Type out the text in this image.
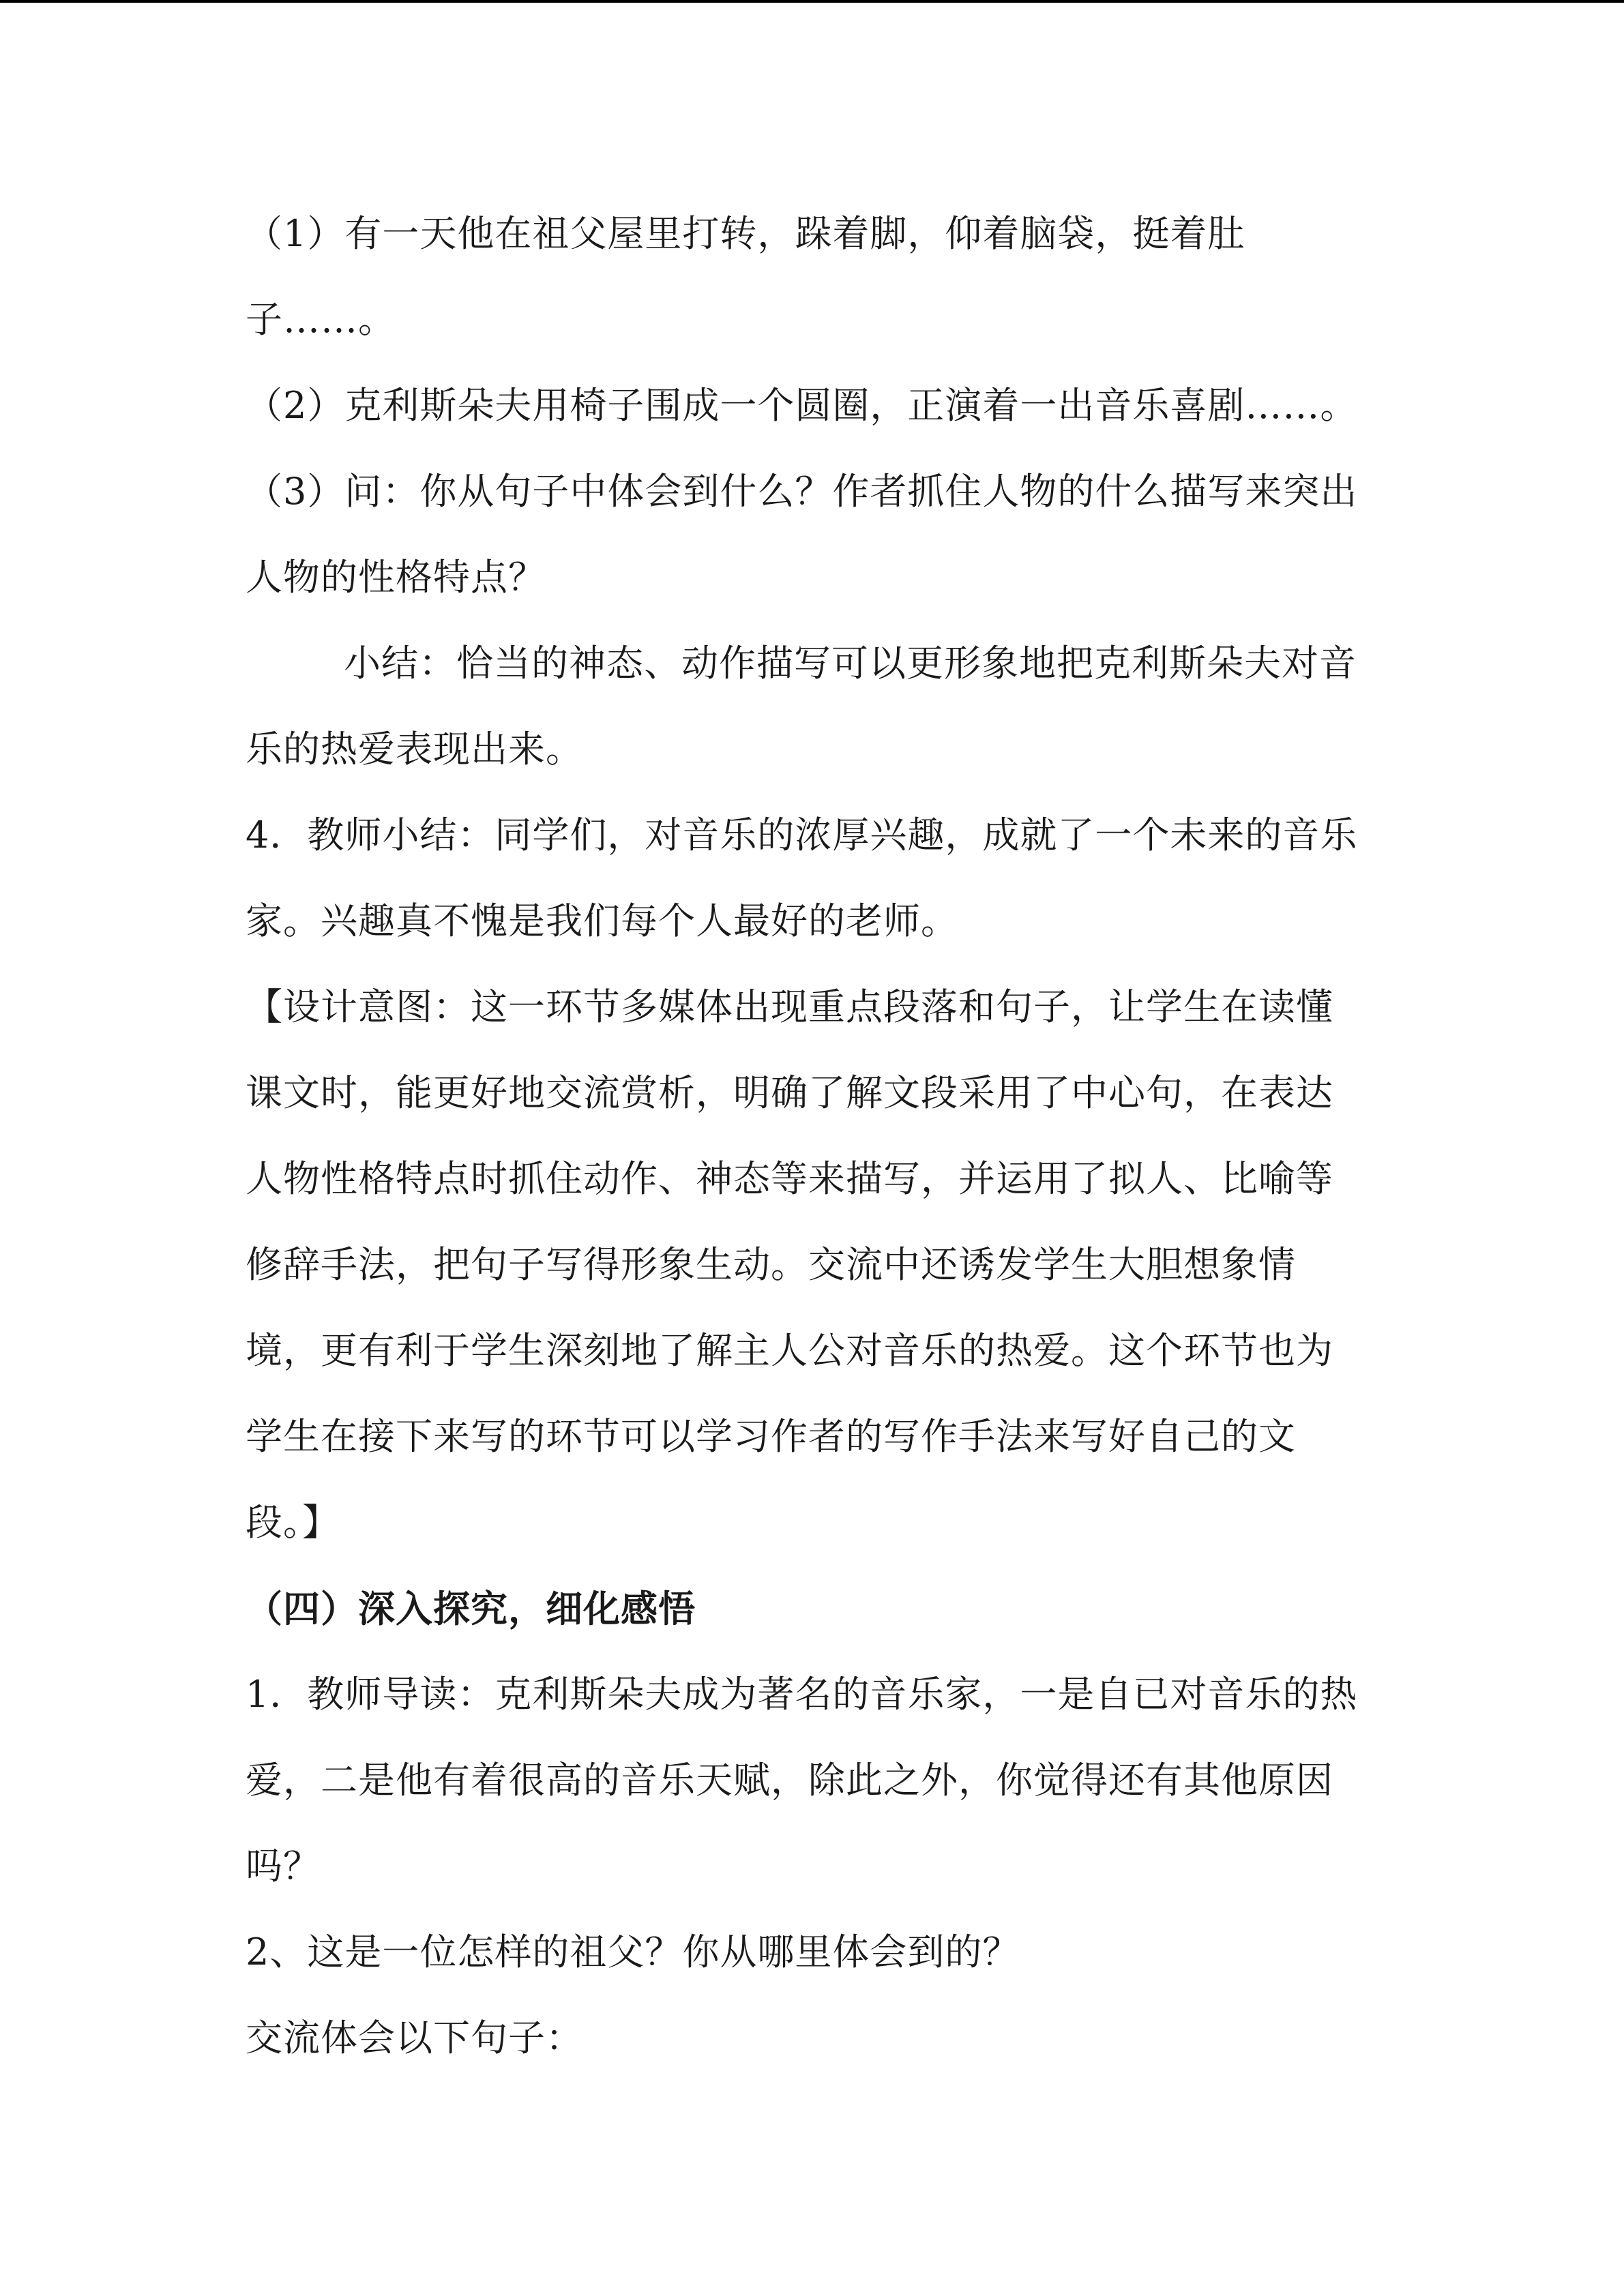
（1）有一天他在祖父屋里打转，跺着脚，仰着脑袋，挺着肚
子……。
（2）克利斯朵夫用椅子围成一个圆圈，正演着一出音乐喜剧……。
（3）问：你从句子中体会到什么？作者抓住人物的什么描写来突出
人物的性格特点？
小结：恰当的神态、动作描写可以更形象地把克利斯朵夫对音
乐的热爱表现出来。
4．教师小结：同学们，对音乐的浓厚兴趣，成就了一个未来的音乐
家。兴趣真不愧是我们每个人最好的老师。
【设计意图：这一环节多媒体出现重点段落和句子，让学生在读懂
课文时，能更好地交流赏析，明确了解文段采用了中心句，在表达
人物性格特点时抓住动作、神态等来描写，并运用了拟人、比喻等
修辞手法，把句子写得形象生动。交流中还诱发学生大胆想象情
境，更有利于学生深刻地了解主人公对音乐的热爱。这个环节也为
学生在接下来写的环节可以学习作者的写作手法来写好自己的文
段。】
（四）深入探究，细化感悟
1．教师导读：克利斯朵夫成为著名的音乐家，一是自已对音乐的热
爱，二是他有着很高的音乐天赋，除此之外，你觉得还有其他原因
吗？
2、这是一位怎样的祖父？你从哪里体会到的？
交流体会以下句子：
